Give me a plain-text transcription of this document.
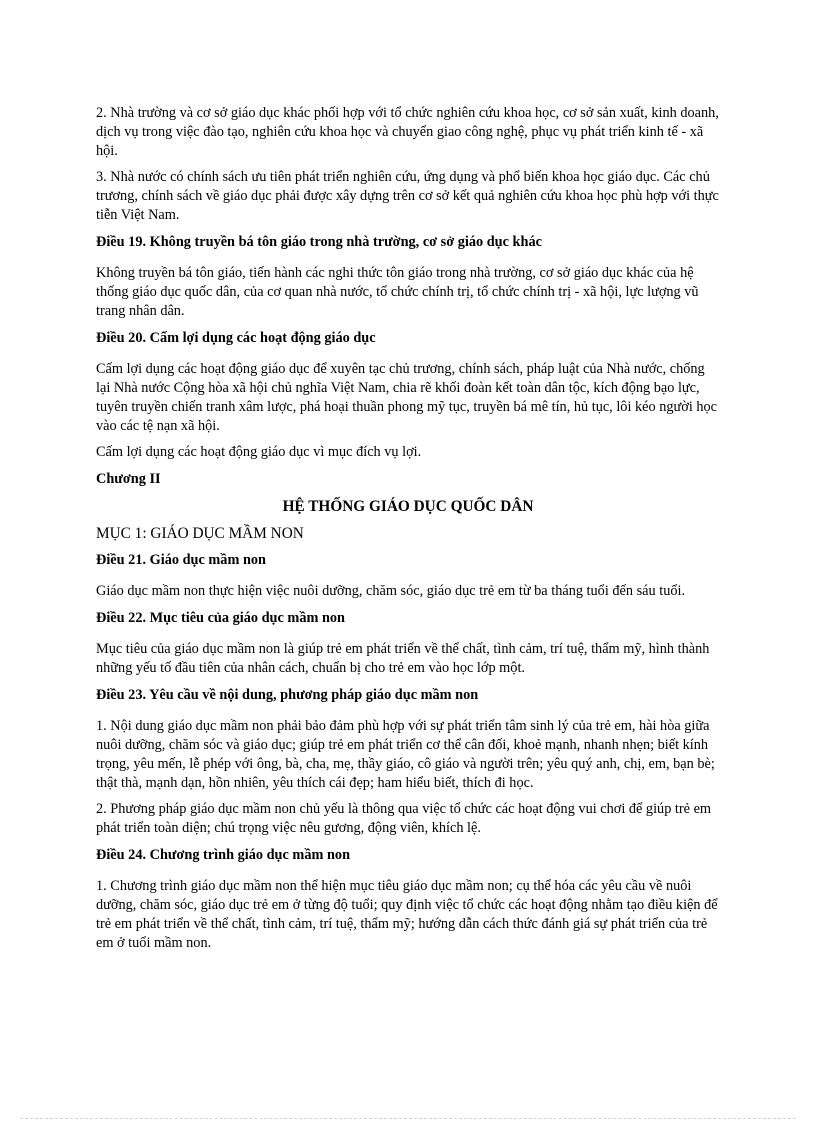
2. Nhà trường và cơ sở giáo dục khác phối hợp với tổ chức nghiên cứu khoa học, cơ sở sản xuất, kinh doanh, dịch vụ trong việc đào tạo, nghiên cứu khoa học và chuyển giao công nghệ, phục vụ phát triển kinh tế - xã hội.

3. Nhà nước có chính sách ưu tiên phát triển nghiên cứu, ứng dụng và phổ biến khoa học giáo dục. Các chủ trương, chính sách về giáo dục phải được xây dựng trên cơ sở kết quả nghiên cứu khoa học phù hợp với thực tiễn Việt Nam.

Điều 19. Không truyền bá tôn giáo trong nhà trường, cơ sở giáo dục khác

Không truyền bá tôn giáo, tiến hành các nghi thức tôn giáo trong nhà trường, cơ sở giáo dục khác của hệ thống giáo dục quốc dân, của cơ quan nhà nước, tổ chức chính trị, tổ chức chính trị - xã hội, lực lượng vũ trang nhân dân.

Điều 20. Cấm lợi dụng các hoạt động giáo dục

Cấm lợi dụng các hoạt động giáo dục để xuyên tạc chủ trương, chính sách, pháp luật của Nhà nước, chống lại Nhà nước Cộng hòa xã hội chủ nghĩa Việt Nam, chia rẽ khối đoàn kết toàn dân tộc, kích động bạo lực, tuyên truyền chiến tranh xâm lược, phá hoại thuần phong mỹ tục, truyền bá mê tín, hủ tục, lôi kéo người học vào các tệ nạn xã hội.

Cấm lợi dụng các hoạt động giáo dục vì mục đích vụ lợi.

Chương II

HỆ THỐNG GIÁO DỤC QUỐC DÂN

MỤC 1: GIÁO DỤC MẦM NON

Điều 21. Giáo dục mầm non

Giáo dục mầm non thực hiện việc nuôi dưỡng, chăm sóc, giáo dục trẻ em từ ba tháng tuổi đến sáu tuổi.

Điều 22. Mục tiêu của giáo dục mầm non

Mục tiêu của giáo dục mầm non là giúp trẻ em phát triển về thể chất, tình cảm, trí tuệ, thẩm mỹ, hình thành những yếu tố đầu tiên của nhân cách, chuẩn bị cho trẻ em vào học lớp một.

Điều 23. Yêu cầu về nội dung, phương pháp giáo dục mầm non

1. Nội dung giáo dục mầm non phải bảo đảm phù hợp với sự phát triển tâm sinh lý của trẻ em, hài hòa giữa nuôi dưỡng, chăm sóc và giáo dục; giúp trẻ em phát triển cơ thể cân đối, khoẻ mạnh, nhanh nhẹn; biết kính trọng, yêu mến, lễ phép với ông, bà, cha, mẹ, thầy giáo, cô giáo và người trên; yêu quý anh, chị, em, bạn bè; thật thà, mạnh dạn, hồn nhiên, yêu thích cái đẹp; ham hiểu biết, thích đi học.

2. Phương pháp giáo dục mầm non chủ yếu là thông qua việc tổ chức các hoạt động vui chơi để giúp trẻ em phát triển toàn diện; chú trọng việc nêu gương, động viên, khích lệ.

Điều 24. Chương trình giáo dục mầm non

1. Chương trình giáo dục mầm non thể hiện mục tiêu giáo dục mầm non; cụ thể hóa các yêu cầu về nuôi dưỡng, chăm sóc, giáo dục trẻ em ở từng độ tuổi; quy định việc tổ chức các hoạt động nhằm tạo điều kiện để trẻ em phát triển về thể chất, tình cảm, trí tuệ, thẩm mỹ; hướng dẫn cách thức đánh giá sự phát triển của trẻ em ở tuổi mầm non.
